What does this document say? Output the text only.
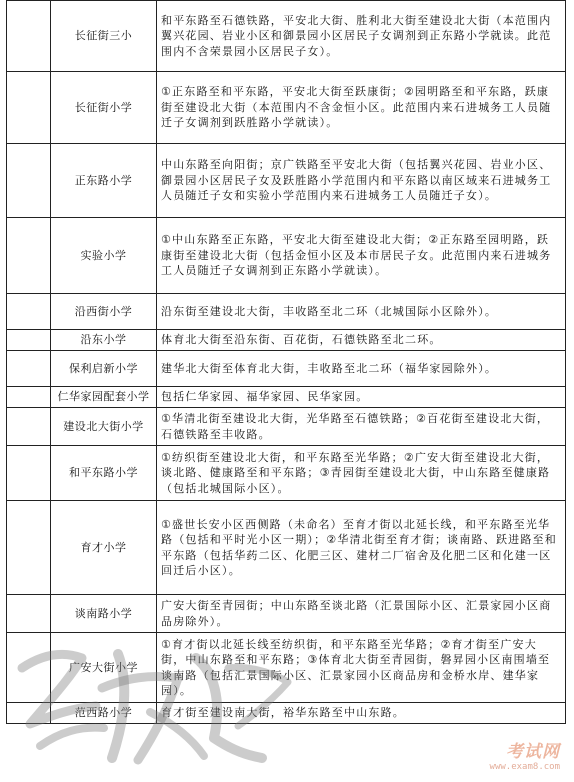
	长征街三小	和平东路至石德铁路，平安北大街、胜利北大街至建设北大街（本范围内翼兴花园、岩业小区和御景园小区居民子女调剂到正东路小学就读。此范围内不含荣景园小区居民子女）。
	长征街小学	①正东路至和平东路，平安北大街至跃康街；②园明路至和平东路，跃康街至建设北大街（本范围内不含金恒小区。此范围内来石进城务工人员随迁子女调剂到跃胜路小学就读）。
	正东路小学	中山东路至向阳街；京广铁路至平安北大街（包括翼兴花园、岩业小区、御景园小区居民子女及跃胜路小学范围内和平东路以南区域来石进城务工人员随迁子女和实验小学范围内来石进城务工人员随迁子女）。
	实验小学	①中山东路至正东路，平安北大街至建设北大街；②正东路至园明路，跃康街至建设北大街（包括金恒小区及本市居民子女。此范围内来石进城务工人员随迁子女调剂到正东路小学就读）。
	沿西街小学	沿东街至建设北大街，丰收路至北二环（北城国际小区除外）。
	沿东小学	体育北大街至沿东街、百花街，石德铁路至北二环。
	保利启新小学	建华北大街至体育北大街，丰收路至北二环（福华家园除外）。
	仁华家园配套小学	包括仁华家园、福华家园、民华家园。
	建设北大街小学	①华清北街至建设北大街，光华路至石德铁路；②百花街至建设北大街，石德铁路至丰收路。
	和平东路小学	①纺织街至建设北大街，和平东路至光华路；②广安大街至建设北大街，谈北路、健康路至和平东路；③青园街至建设北大街，中山东路至健康路（包括北城国际小区）。
	育才小学	①盛世长安小区西侧路（未命名）至育才街以北延长线，和平东路至光华路（包括和平时光小区一期）；②华清北街至育才街；谈南路、跃进路至和平东路（包括华药二区、化肥三区、建材二厂宿舍及化肥二区和化建一区回迁后小区）。
	谈南路小学	广安大街至青园街；中山东路至谈北路（汇景国际小区、汇景家园小区商品房除外）。
	广安大街小学	①育才街以北延长线至纺织街，和平东路至光华路；②育才街至广安大街，中山东路至和平东路；③体育北大街至青园街，磐昇园小区南围墙至谈南路（包括汇景国际小区、汇景家园小区商品房和金桥水岸、建华家园）。
	范西路小学	育才街至建设南大街，裕华东路至中山东路。
考试网
www.exam8.com
